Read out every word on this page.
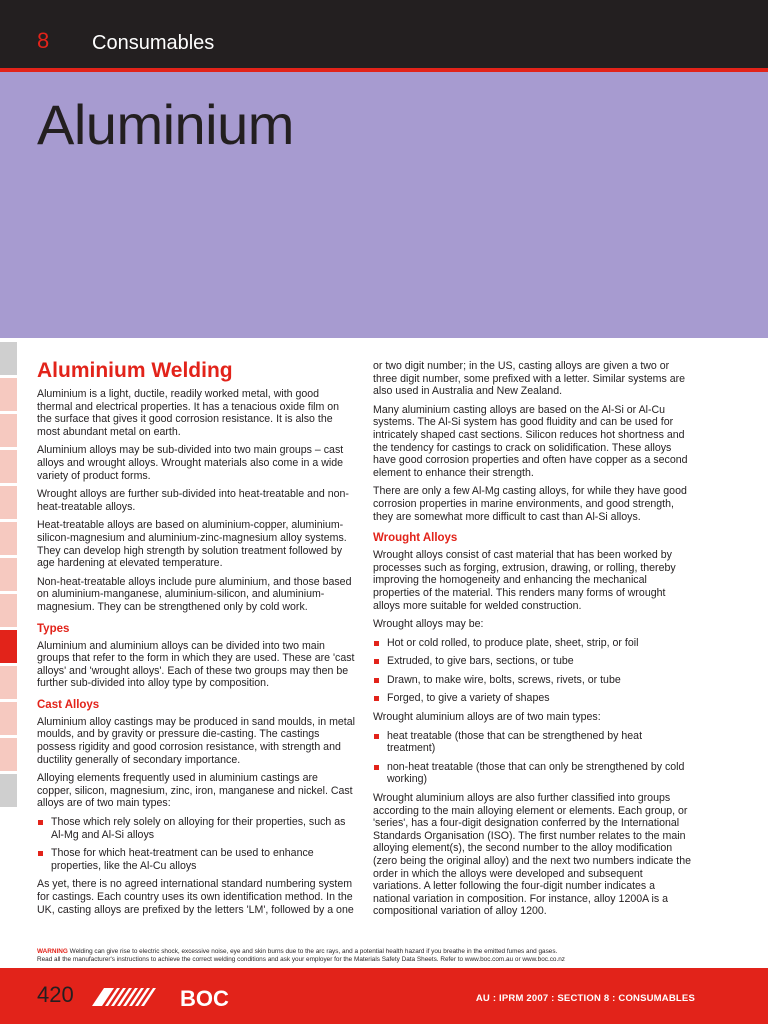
8 Consumables
Aluminium
Aluminium Welding

Aluminium is a light, ductile, readily worked metal, with good thermal and electrical properties. It has a tenacious oxide film on the surface that gives it good corrosion resistance. It is also the most abundant metal on earth.

Aluminium alloys may be sub-divided into two main groups – cast alloys and wrought alloys. Wrought materials also come in a wide variety of product forms.

Wrought alloys are further sub-divided into heat-treatable and non-heat-treatable alloys.

Heat-treatable alloys are based on aluminium-copper, aluminium-silicon-magnesium and aluminium-zinc-magnesium alloy systems. They can develop high strength by solution treatment followed by age hardening at elevated temperature.

Non-heat-treatable alloys include pure aluminium, and those based on aluminium-manganese, aluminium-silicon, and aluminium-magnesium. They can be strengthened only by cold work.

Types

Aluminium and aluminium alloys can be divided into two main groups that refer to the form in which they are used. These are 'cast alloys' and 'wrought alloys'. Each of these two groups may then be further sub-divided into alloy type by composition.

Cast Alloys

Aluminium alloy castings may be produced in sand moulds, in metal moulds, and by gravity or pressure die-casting. The castings possess rigidity and good corrosion resistance, with strength and ductility generally of secondary importance.

Alloying elements frequently used in aluminium castings are copper, silicon, magnesium, zinc, iron, manganese and nickel. Cast alloys are of two main types:

Those which rely solely on alloying for their properties, such as Al-Mg and Al-Si alloys
Those for which heat-treatment can be used to enhance properties, like the Al-Cu alloys

As yet, there is no agreed international standard numbering system for castings. Each country uses its own identification method. In the UK, casting alloys are prefixed by the letters 'LM', followed by a one

or two digit number; in the US, casting alloys are given a two or three digit number, some prefixed with a letter. Similar systems are also used in Australia and New Zealand.

Many aluminium casting alloys are based on the Al-Si or Al-Cu systems. The Al-Si system has good fluidity and can be used for intricately shaped cast sections. Silicon reduces hot shortness and the tendency for castings to crack on solidification. These alloys have good corrosion properties and often have copper as a second element to enhance their strength.

There are only a few Al-Mg casting alloys, for while they have good corrosion properties in marine environments, and good strength, they are somewhat more difficult to cast than Al-Si alloys.

Wrought Alloys

Wrought alloys consist of cast material that has been worked by processes such as forging, extrusion, drawing, or rolling, thereby improving the homogeneity and enhancing the mechanical properties of the material. This renders many forms of wrought alloys more suitable for welded construction.

Wrought alloys may be:

Hot or cold rolled, to produce plate, sheet, strip, or foil
Extruded, to give bars, sections, or tube
Drawn, to make wire, bolts, screws, rivets, or tube
Forged, to give a variety of shapes

Wrought aluminium alloys are of two main types:

heat treatable (those that can be strengthened by heat treatment)
non-heat treatable (those that can only be strengthened by cold working)

Wrought aluminium alloys are also further classified into groups according to the main alloying element or elements. Each group, or 'series', has a four-digit designation conferred by the International Standards Organisation (ISO). The first number relates to the main alloying element(s), the second number to the alloy modification (zero being the original alloy) and the next two numbers indicate the order in which the alloys were developed and subsequent variations. A letter following the four-digit number indicates a national variation in composition. For instance, alloy 1200A is a compositional variation of alloy 1200.

WARNING Welding can give rise to electric shock, excessive noise, eye and skin burns due to the arc rays, and a potential health hazard if you breathe in the emitted fumes and gases.
Read all the manufacturer's instructions to achieve the correct welding conditions and ask your employer for the Materials Safety Data Sheets. Refer to www.boc.com.au or www.boc.co.nz
420	BOC	AU : IPRM 2007 : SECTION 8 : CONSUMABLES
